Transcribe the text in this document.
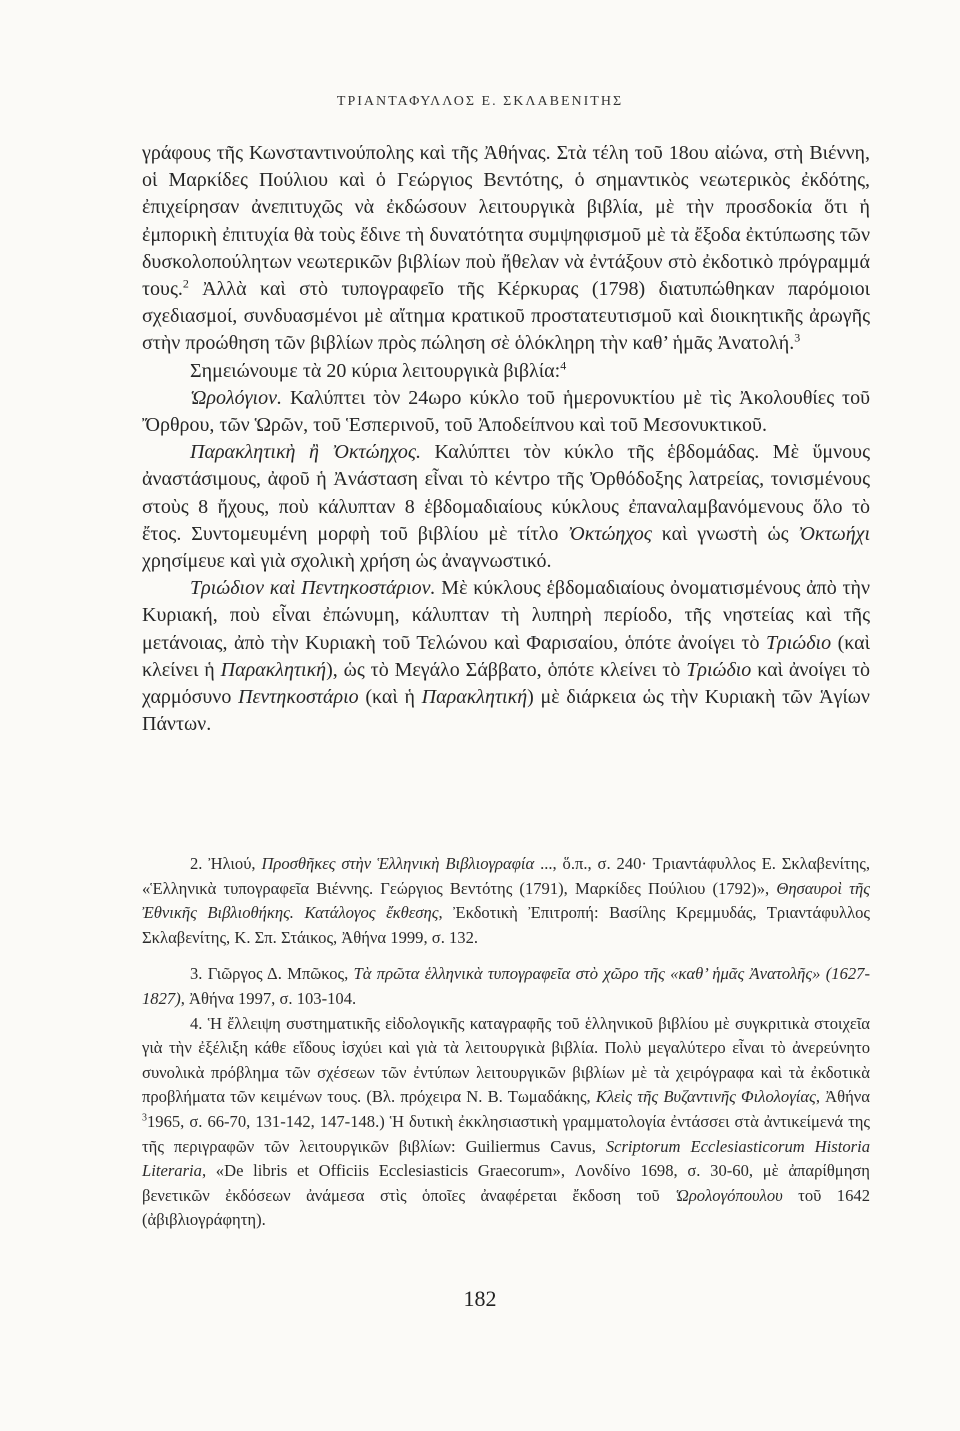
ΤΡΙΑΝΤΑΦΥΛΛΟΣ Ε. ΣΚΛΑΒΕΝΙΤΗΣ

γράφους τῆς Κωνσταντινούπολης καὶ τῆς Ἀθήνας. Στὰ τέλη τοῦ 18ου αἰώνα, στὴ Βιέννη, οἱ Μαρκίδες Πούλιου καὶ ὁ Γεώργιος Βεντότης, ὁ σημαντικὸς νεωτερικὸς ἐκδότης, ἐπιχείρησαν ἀνεπιτυχῶς νὰ ἐκδώσουν λειτουργικὰ βιβλία, μὲ τὴν προσδοκία ὅτι ἡ ἐμπορικὴ ἐπιτυχία θὰ τοὺς ἔδινε τὴ δυνατότητα συμψηφισμοῦ μὲ τὰ ἔξοδα ἐκτύπωσης τῶν δυσκολοπούλητων νεωτερικῶν βιβλίων ποὺ ἤθελαν νὰ ἐντάξουν στὸ ἐκδοτικὸ πρόγραμμά τους.$^2$ Ἀλλὰ καὶ στὸ τυπογραφεῖο τῆς Κέρκυρας (1798) διατυπώθηκαν παρόμοιοι σχεδιασμοί, συνδυασμένοι μὲ αἴτημα κρατικοῦ προστατευτισμοῦ καὶ διοικητικῆς ἀρωγῆς στὴν προώθηση τῶν βιβλίων πρὸς πώληση σὲ ὁλόκληρη τὴν καθ’ ἡμᾶς Ἀνατολή.$^3$

Σημειώνουμε τὰ 20 κύρια λειτουργικὰ βιβλία:$^4$

Ὡρολόγιον. Καλύπτει τὸν 24ωρο κύκλο τοῦ ἡμερονυκτίου μὲ τὶς Ἀκολουθίες τοῦ Ὄρθρου, τῶν Ὡρῶν, τοῦ Ἑσπερινοῦ, τοῦ Ἀποδείπνου καὶ τοῦ Μεσονυκτικοῦ.

Παρακλητικὴ ἢ Ὀκτώηχος. Καλύπτει τὸν κύκλο τῆς ἑβδομάδας. Μὲ ὕμνους ἀναστάσιμους, ἀφοῦ ἡ Ἀνάσταση εἶναι τὸ κέντρο τῆς Ὀρθόδοξης λατρείας, τονισμένους στοὺς 8 ἤχους, ποὺ κάλυπταν 8 ἑβδομαδιαίους κύκλους ἐπαναλαμβανόμενους ὅλο τὸ ἔτος. Συντομευμένη μορφὴ τοῦ βιβλίου μὲ τίτλο Ὀκτώηχος καὶ γνωστὴ ὡς Ὀκτωήχι χρησίμευε καὶ γιὰ σχολικὴ χρήση ὡς ἀναγνωστικό.

Τριώδιον καὶ Πεντηκοστάριον. Μὲ κύκλους ἑβδομαδιαίους ὀνοματισμένους ἀπὸ τὴν Κυριακή, ποὺ εἶναι ἐπώνυμη, κάλυπταν τὴ λυπηρὴ περίοδο, τῆς νηστείας καὶ τῆς μετάνοιας, ἀπὸ τὴν Κυριακὴ τοῦ Τελώνου καὶ Φαρισαίου, ὁπότε ἀνοίγει τὸ Τριώδιο (καὶ κλείνει ἡ Παρακλητική), ὡς τὸ Μεγάλο Σάββατο, ὁπότε κλείνει τὸ Τριώδιο καὶ ἀνοίγει τὸ χαρμόσυνο Πεντηκοστάριο (καὶ ἡ Παρακλητική) μὲ διάρκεια ὡς τὴν Κυριακὴ τῶν Ἁγίων Πάντων.

2. Ἠλιού, Προσθῆκες στὴν Ἑλληνικὴ Βιβλιογραφία ..., ὅ.π., σ. 240· Τριαντάφυλλος Ε. Σκλαβενίτης, «Ἑλληνικὰ τυπογραφεῖα Βιέννης. Γεώργιος Βεντότης (1791), Μαρκίδες Πούλιου (1792)», Θησαυροὶ τῆς Ἐθνικῆς Βιβλιοθήκης. Κατάλογος ἔκθεσης, Ἐκδοτικὴ Ἐπιτροπή: Βασίλης Κρεμμυδάς, Τριαντάφυλλος Σκλαβενίτης, Κ. Σπ. Στάικος, Ἀθήνα 1999, σ. 132.

3. Γιῶργος Δ. Μπῶκος, Τὰ πρῶτα ἑλληνικὰ τυπογραφεῖα στὸ χῶρο τῆς «καθ’ ἡμᾶς Ἀνατολῆς» (1627-1827), Ἀθήνα 1997, σ. 103-104.

4. Ἡ ἔλλειψη συστηματικῆς εἰδολογικῆς καταγραφῆς τοῦ ἑλληνικοῦ βιβλίου μὲ συγκριτικὰ στοιχεῖα γιὰ τὴν ἐξέλιξη κάθε εἴδους ἰσχύει καὶ γιὰ τὰ λειτουργικὰ βιβλία. Πολὺ μεγαλύτερο εἶναι τὸ ἀνερεύνητο συνολικὰ πρόβλημα τῶν σχέσεων τῶν ἐντύπων λειτουργικῶν βιβλίων μὲ τὰ χειρόγραφα καὶ τὰ ἐκδοτικὰ προβλήματα τῶν κειμένων τους. (Βλ. πρόχειρα Ν. Β. Τωμαδάκης, Κλεὶς τῆς Βυζαντινῆς Φιλολογίας, Ἀθήνα $^3$1965, σ. 66-70, 131-142, 147-148.) Ἡ δυτικὴ ἐκκλησιαστικὴ γραμματολογία ἐντάσσει στὰ ἀντικείμενά της τῆς περιγραφῶν τῶν λειτουργικῶν βιβλίων: Guiliermus Cavus, Scriptorum Ecclesiasticorum Historia Literaria, «De libris et Officiis Ecclesiasticis Graecorum», Λονδίνο 1698, σ. 30-60, μὲ ἀπαρίθμηση βενετικῶν ἐκδόσεων ἀνάμεσα στὶς ὁποῖες ἀναφέρεται ἔκδοση τοῦ Ὡρολογόπουλου τοῦ 1642 (ἀβιβλιογράφητη).

182
